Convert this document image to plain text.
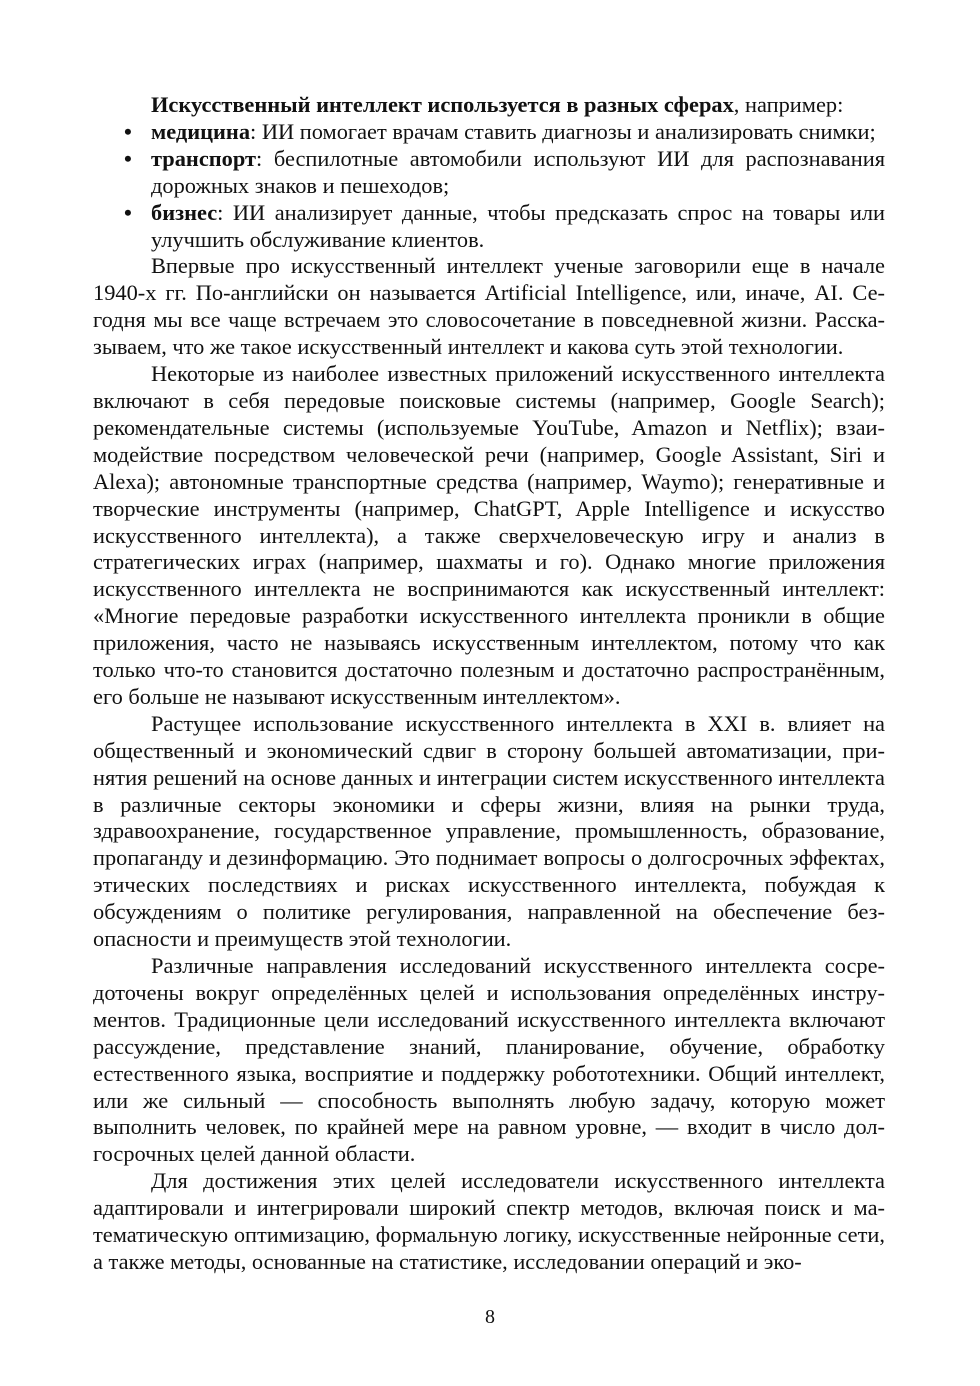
Искусственный интеллект используется в разных сферах, например:

• медицина: ИИ помогает врачам ставить диагнозы и анализировать снимки;
• транспорт: беспилотные автомобили используют ИИ для распознавания дорожных знаков и пешеходов;
• бизнес: ИИ анализирует данные, чтобы предсказать спрос на товары или улучшить обслуживание клиентов.

Впервые про искусственный интеллект ученые заговорили еще в начале 1940-х гг. По-английски он называется Artificial Intelligence, или, иначе, AI. Сегодня мы все чаще встречаем это словосочетание в повседневной жизни. Рассказываем, что же такое искусственный интеллект и какова суть этой технологии.

Некоторые из наиболее известных приложений искусственного интеллекта включают в себя передовые поисковые системы (например, Google Search); рекомендательные системы (используемые YouTube, Amazon и Netflix); взаимодействие посредством человеческой речи (например, Google Assistant, Siri и Alexa); автономные транспортные средства (например, Waymo); генеративные и творческие инструменты (например, ChatGPT, Apple Intelligence и искусство искусственного интеллекта), а также сверхчеловеческую игру и анализ в стратегических играх (например, шахматы и го). Однако многие приложения искусственного интеллекта не воспринимаются как искусственный интеллект: «Многие передовые разработки искусственного интеллекта проникли в общие приложения, часто не называясь искусственным интеллектом, потому что как только что-то становится достаточно полезным и достаточно распространённым, его больше не называют искусственным интеллектом».

Растущее использование искусственного интеллекта в XXI в. влияет на общественный и экономический сдвиг в сторону большей автоматизации, принятия решений на основе данных и интеграции систем искусственного интеллекта в различные секторы экономики и сферы жизни, влияя на рынки труда, здравоохранение, государственное управление, промышленность, образование, пропаганду и дезинформацию. Это поднимает вопросы о долгосрочных эффектах, этических последствиях и рисках искусственного интеллекта, побуждая к обсуждениям о политике регулирования, направленной на обеспечение безопасности и преимуществ этой технологии.

Различные направления исследований искусственного интеллекта сосредоточены вокруг определённых целей и использования определённых инструментов. Традиционные цели исследований искусственного интеллекта включают рассуждение, представление знаний, планирование, обучение, обработку естественного языка, восприятие и поддержку робототехники. Общий интеллект, или же сильный — способность выполнять любую задачу, которую может выполнить человек, по крайней мере на равном уровне, — входит в число долгосрочных целей данной области.

Для достижения этих целей исследователи искусственного интеллекта адаптировали и интегрировали широкий спектр методов, включая поиск и математическую оптимизацию, формальную логику, искусственные нейронные сети, а также методы, основанные на статистике, исследовании операций и эко-

8
